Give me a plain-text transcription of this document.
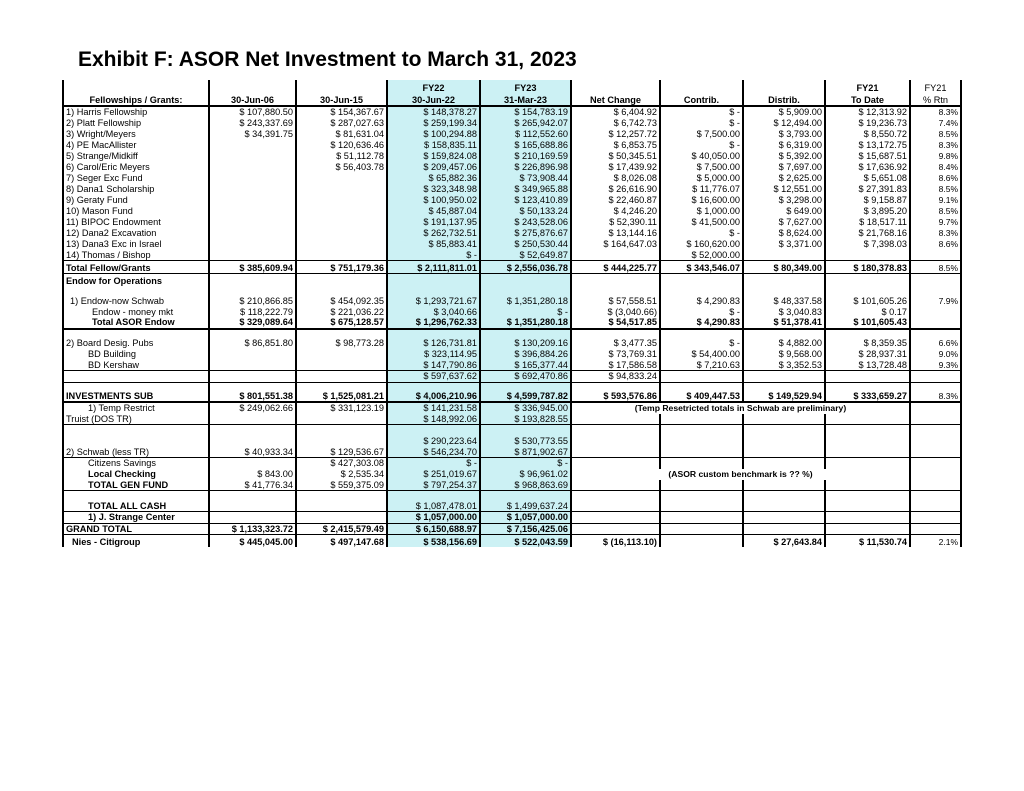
Exhibit F: ASOR Net Investment to March 31, 2023
			FY22	FY23				FY21	FY21
Fellowships / Grants:	30-Jun-06	30-Jun-15	30-Jun-22	31-Mar-23	Net Change	Contrib.	Distrib.	To Date	% Rtn
1) Harris Fellowship	$ 107,880.50	$ 154,367.67	$ 148,378.27	$ 154,783.19	$ 6,404.92	$ -	$ 5,909.00	$ 12,313.92	8.3%
2) Platt Fellowship	$ 243,337.69	$ 287,027.63	$ 259,199.34	$ 265,942.07	$ 6,742.73	$ -	$ 12,494.00	$ 19,236.73	7.4%
3) Wright/Meyers	$ 34,391.75	$ 81,631.04	$ 100,294.88	$ 112,552.60	$ 12,257.72	$ 7,500.00	$ 3,793.00	$ 8,550.72	8.5%
4) PE MacAllister		$ 120,636.46	$ 158,835.11	$ 165,688.86	$ 6,853.75	$ -	$ 6,319.00	$ 13,172.75	8.3%
5) Strange/Midkiff		$ 51,112.78	$ 159,824.08	$ 210,169.59	$ 50,345.51	$ 40,050.00	$ 5,392.00	$ 15,687.51	9.8%
6) Carol/Eric Meyers		$ 56,403.78	$ 209,457.06	$ 226,896.98	$ 17,439.92	$ 7,500.00	$ 7,697.00	$ 17,636.92	8.4%
7) Seger Exc Fund			$ 65,882.36	$ 73,908.44	$ 8,026.08	$ 5,000.00	$ 2,625.00	$ 5,651.08	8.6%
8) Dana1 Scholarship			$ 323,348.98	$ 349,965.88	$ 26,616.90	$ 11,776.07	$ 12,551.00	$ 27,391.83	8.5%
9) Geraty Fund			$ 100,950.02	$ 123,410.89	$ 22,460.87	$ 16,600.00	$ 3,298.00	$ 9,158.87	9.1%
10) Mason Fund			$ 45,887.04	$ 50,133.24	$ 4,246.20	$ 1,000.00	$ 649.00	$ 3,895.20	8.5%
11) BIPOC Endowment			$ 191,137.95	$ 243,528.06	$ 52,390.11	$ 41,500.00	$ 7,627.00	$ 18,517.11	9.7%
12) Dana2 Excavation			$ 262,732.51	$ 275,876.67	$ 13,144.16	$ -	$ 8,624.00	$ 21,768.16	8.3%
13) Dana3 Exc in Israel			$ 85,883.41	$ 250,530.44	$ 164,647.03	$ 160,620.00	$ 3,371.00	$ 7,398.03	8.6%
14) Thomas / Bishop			$ -	$ 52,649.87		$ 52,000.00			
Total Fellow/Grants	$ 385,609.94	$ 751,179.36	$ 2,111,811.01	$ 2,556,036.78	$ 444,225.77	$ 343,546.07	$ 80,349.00	$ 180,378.83	8.5%
Endow for Operations									
1) Endow-now Schwab	$ 210,866.85	$ 454,092.35	$ 1,293,721.67	$ 1,351,280.18	$ 57,558.51	$ 4,290.83	$ 48,337.58	$ 101,605.26	7.9%
Endow - money mkt	$ 118,222.79	$ 221,036.22	$ 3,040.66	$ -	$ (3,040.66)	$ -	$ 3,040.83	$ 0.17	
Total ASOR Endow	$ 329,089.64	$ 675,128.57	$ 1,296,762.33	$ 1,351,280.18	$ 54,517.85	$ 4,290.83	$ 51,378.41	$ 101,605.43	
2) Board Desig. Pubs	$ 86,851.80	$ 98,773.28	$ 126,731.81	$ 130,209.16	$ 3,477.35	$ -	$ 4,882.00	$ 8,359.35	6.6%
BD Building			$ 323,114.95	$ 396,884.26	$ 73,769.31	$ 54,400.00	$ 9,568.00	$ 28,937.31	9.0%
BD Kershaw			$ 147,790.86	$ 165,377.44	$ 17,586.58	$ 7,210.63	$ 3,352.53	$ 13,728.48	9.3%
			$ 597,637.62	$ 692,470.86	$ 94,833.24				
INVESTMENTS SUB	$ 801,551.38	$ 1,525,081.21	$ 4,006,210.96	$ 4,599,787.82	$ 593,576.86	$ 409,447.53	$ 149,529.94	$ 333,659.27	8.3%
1) Temp Restrict	$ 249,062.66	$ 331,123.19	$ 141,231.58	$ 336,945.00	(Temp Resetricted totals in Schwab are preliminary)				
Truist (DOS TR)			$ 148,992.06	$ 193,828.55					
			$ 290,223.64	$ 530,773.55					
2) Schwab (less TR)	$ 40,933.34	$ 129,536.67	$ 546,234.70	$ 871,902.67					
Citizens Savings		$ 427,303.08	$ -	$ -					
Local Checking	$ 843.00	$ 2,535.34	$ 251,019.67	$ 96,961.02	(ASOR custom benchmark is ?? %)				
TOTAL GEN FUND	$ 41,776.34	$ 559,375.09	$ 797,254.37	$ 968,863.69					
TOTAL ALL CASH			$ 1,087,478.01	$ 1,499,637.24					
1) J. Strange Center			$ 1,057,000.00	$ 1,057,000.00					
GRAND TOTAL	$ 1,133,323.72	$ 2,415,579.49	$ 6,150,688.97	$ 7,156,425.06					
Nies - Citigroup	$ 445,045.00	$ 497,147.68	$ 538,156.69	$ 522,043.59	$ (16,113.10)		$ 27,643.84	$ 11,530.74	2.1%
